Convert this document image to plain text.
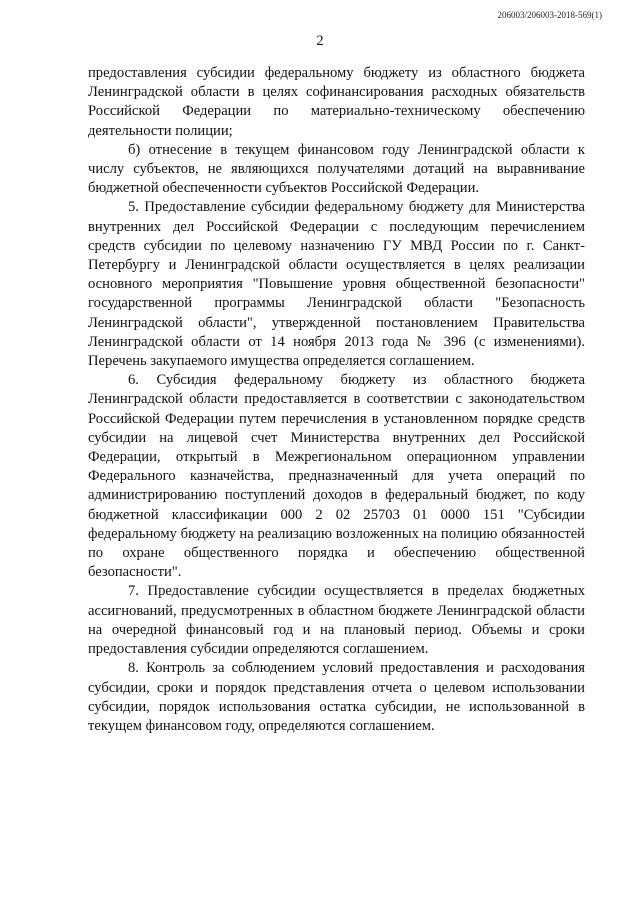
206003/206003-2018-569(1)
2

предоставления субсидии федеральному бюджету из областного бюджета Ленинградской области в целях софинансирования расходных обязательств Российской Федерации по материально-техническому обеспечению деятельности полиции;

б) отнесение в текущем финансовом году Ленинградской области к числу субъектов, не являющихся получателями дотаций на выравнивание бюджетной обеспеченности субъектов Российской Федерации.

5. Предоставление субсидии федеральному бюджету для Министерства внутренних дел Российской Федерации с последующим перечислением средств субсидии по целевому назначению ГУ МВД России по г. Санкт-Петербургу и Ленинградской области осуществляется в целях реализации основного мероприятия "Повышение уровня общественной безопасности" государственной программы Ленинградской области "Безопасность Ленинградской области", утвержденной постановлением Правительства Ленинградской области от 14 ноября 2013 года № 396 (с изменениями). Перечень закупаемого имущества определяется соглашением.

6. Субсидия федеральному бюджету из областного бюджета Ленинградской области предоставляется в соответствии с законодательством Российской Федерации путем перечисления в установленном порядке средств субсидии на лицевой счет Министерства внутренних дел Российской Федерации, открытый в Межрегиональном операционном управлении Федерального казначейства, предназначенный для учета операций по администрированию поступлений доходов в федеральный бюджет, по коду бюджетной классификации 000 2 02 25703 01 0000 151 "Субсидии федеральному бюджету на реализацию возложенных на полицию обязанностей по охране общественного порядка и обеспечению общественной безопасности".

7. Предоставление субсидии осуществляется в пределах бюджетных ассигнований, предусмотренных в областном бюджете Ленинградской области на очередной финансовый год и на плановый период. Объемы и сроки предоставления субсидии определяются соглашением.

8. Контроль за соблюдением условий предоставления и расходования субсидии, сроки и порядок представления отчета о целевом использовании субсидии, порядок использования остатка субсидии, не использованной в текущем финансовом году, определяются соглашением.
